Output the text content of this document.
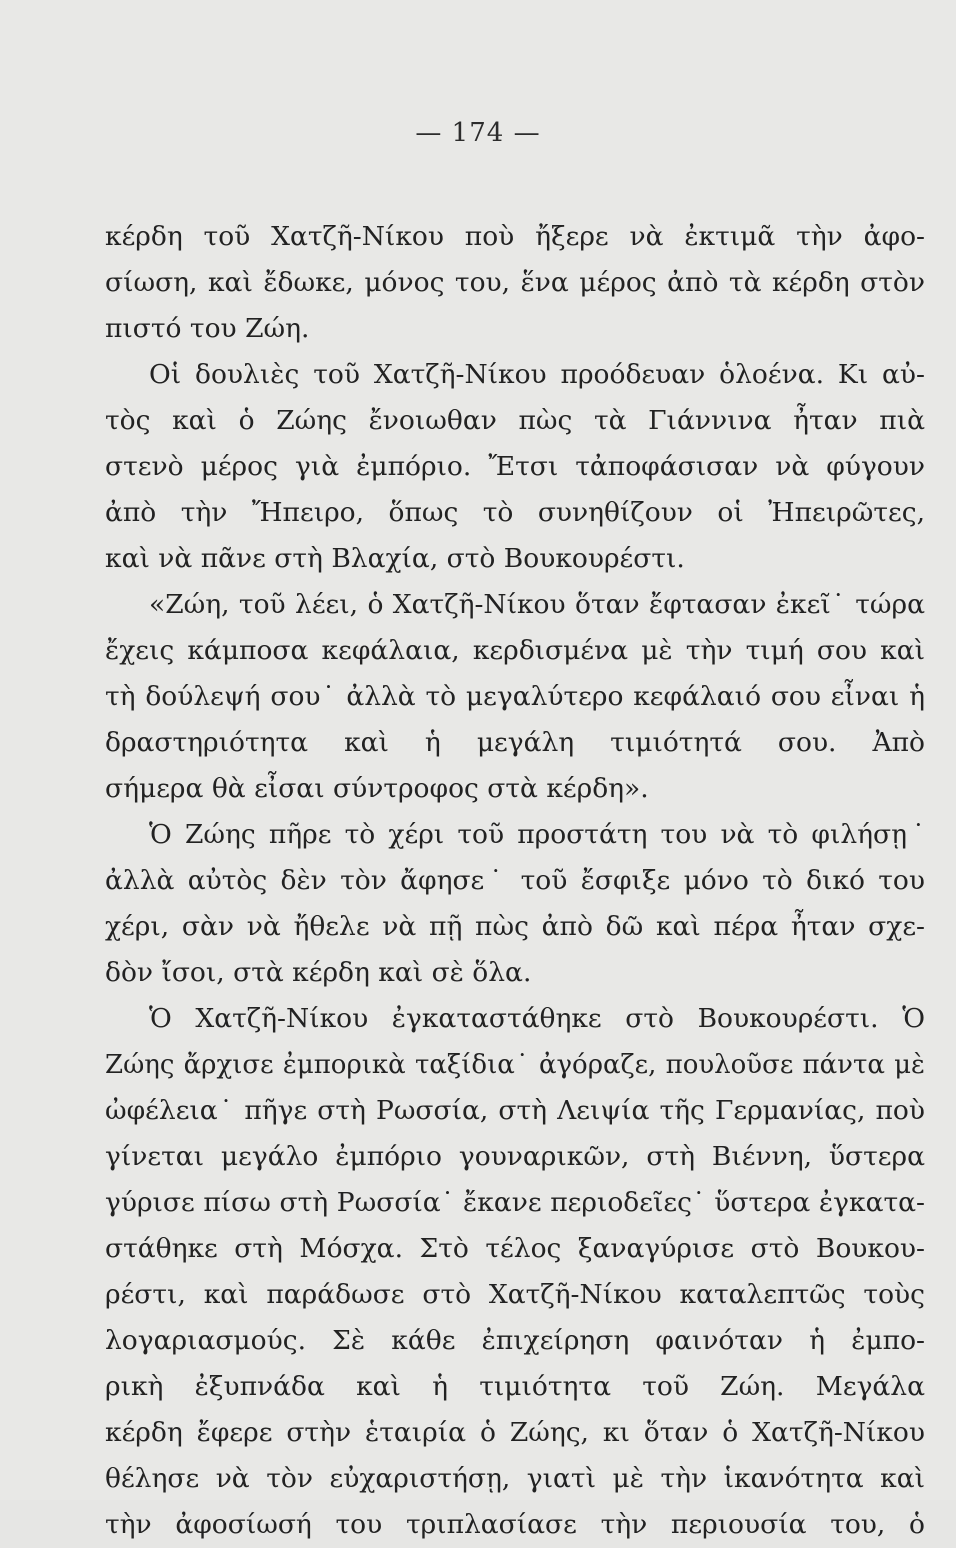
— 174 —
κέρδη τοῦ Χατζῆ-Νίκου ποὺ ἤξερε νὰ ἐκτιμᾶ τὴν ἀφο-
σίωση, καὶ ἔδωκε, μόνος του, ἕνα μέρος ἀπὸ τὰ κέρδη στὸν
πιστό του Ζώη.
Οἱ δουλιὲς τοῦ Χατζῆ-Νίκου προόδευαν ὁλοένα. Κι αὐ-
τὸς καὶ ὁ Ζώης ἔνοιωθαν πὼς τὰ Γιάννινα ἦταν πιὰ
στενὸ μέρος γιὰ ἐμπόριο. Ἔτσι τἀποφάσισαν νὰ φύγουν
ἀπὸ τὴν Ἤπειρο, ὅπως τὸ συνηθίζουν οἱ Ἠπειρῶτες,
καὶ νὰ πᾶνε στὴ Βλαχία, στὸ Βουκουρέστι.
«Ζώη, τοῦ λέει, ὁ Χατζῆ-Νίκου ὅταν ἔφτασαν ἐκεῖ˙ τώρα
ἔχεις κάμποσα κεφάλαια, κερδισμένα μὲ τὴν τιμή σου καὶ
τὴ δούλεψή σου˙ ἀλλὰ τὸ μεγαλύτερο κεφάλαιό σου εἶναι ἡ
δραστηριότητα καὶ ἡ μεγάλη τιμιότητά σου. Ἀπὸ
σήμερα θὰ εἶσαι σύντροφος στὰ κέρδη».
Ὁ Ζώης πῆρε τὸ χέρι τοῦ προστάτη του νὰ τὸ φιλήσῃ˙
ἀλλὰ αὐτὸς δὲν τὸν ἄφησε˙ τοῦ ἔσφιξε μόνο τὸ δικό του
χέρι, σὰν νὰ ἤθελε νὰ πῇ πὼς ἀπὸ δῶ καὶ πέρα ἦταν σχε-
δὸν ἴσοι, στὰ κέρδη καὶ σὲ ὅλα.
Ὁ Χατζῆ-Νίκου ἐγκαταστάθηκε στὸ Βουκουρέστι. Ὁ
Ζώης ἄρχισε ἐμπορικὰ ταξίδια˙ ἀγόραζε, πουλοῦσε πάντα μὲ
ὠφέλεια˙ πῆγε στὴ Ρωσσία, στὴ Λειψία τῆς Γερμανίας, ποὺ
γίνεται μεγάλο ἐμπόριο γουναρικῶν, στὴ Βιέννη, ὕστερα
γύρισε πίσω στὴ Ρωσσία˙ ἔκανε περιοδεῖες˙ ὕστερα ἐγκατα-
στάθηκε στὴ Μόσχα. Στὸ τέλος ξαναγύρισε στὸ Βουκου-
ρέστι, καὶ παράδωσε στὸ Χατζῆ-Νίκου καταλεπτῶς τοὺς
λογαριασμούς. Σὲ κάθε ἐπιχείρηση φαινόταν ἡ ἐμπο-
ρικὴ ἐξυπνάδα καὶ ἡ τιμιότητα τοῦ Ζώη. Μεγάλα
κέρδη ἔφερε στὴν ἑταιρία ὁ Ζώης, κι ὅταν ὁ Χατζῆ-Νίκου
θέλησε νὰ τὸν εὐχαριστήσῃ, γιατὶ μὲ τὴν ἱκανότητα καὶ
τὴν ἀφοσίωσή του τριπλασίασε τὴν περιουσία του, ὁ
